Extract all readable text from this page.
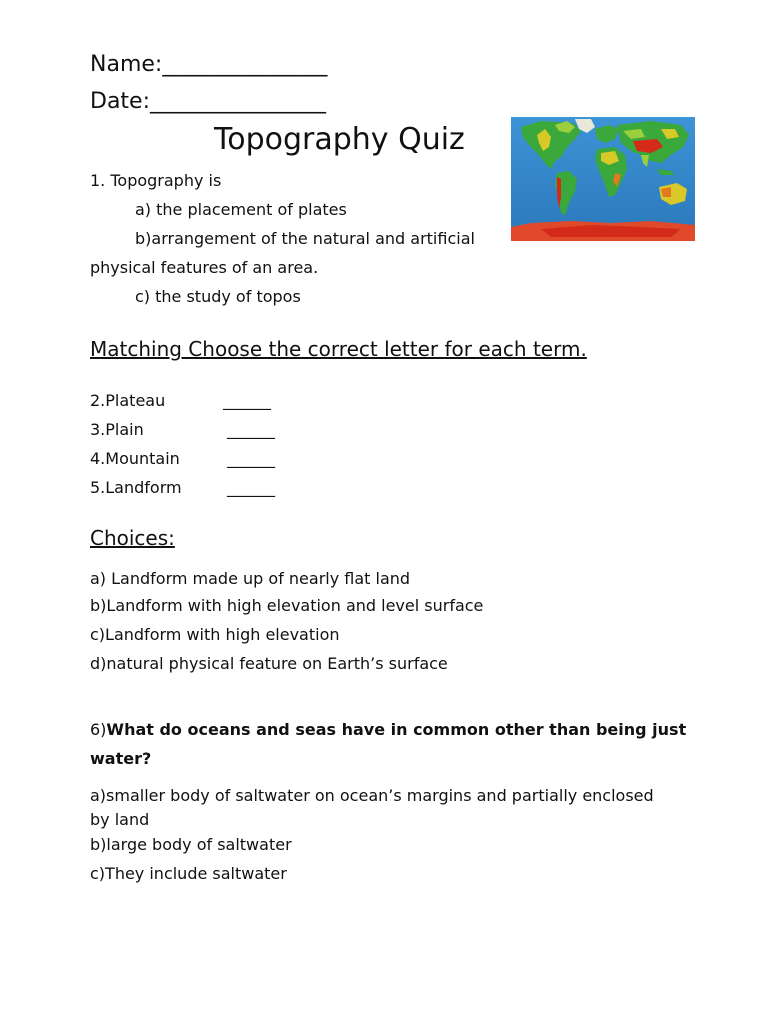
Name:_______________
Date:________________
Topography Quiz
1. Topography is
a) the placement of plates
b)arrangement of the natural and artificial
physical features of an area.
c) the study of topos
Matching Choose the correct letter for each term.
2.Plateau	______
3.Plain	______
4.Mountain	______
5.Landform	______
Choices:
a) Landform made up of nearly flat land
b)Landform with high elevation and level surface
c)Landform with high elevation
d)natural physical feature on Earth’s surface
6)What do oceans and seas have in common other than being just
water?
a)smaller body of saltwater on ocean’s margins and partially enclosed
by land
b)large body of saltwater
c)They include saltwater
